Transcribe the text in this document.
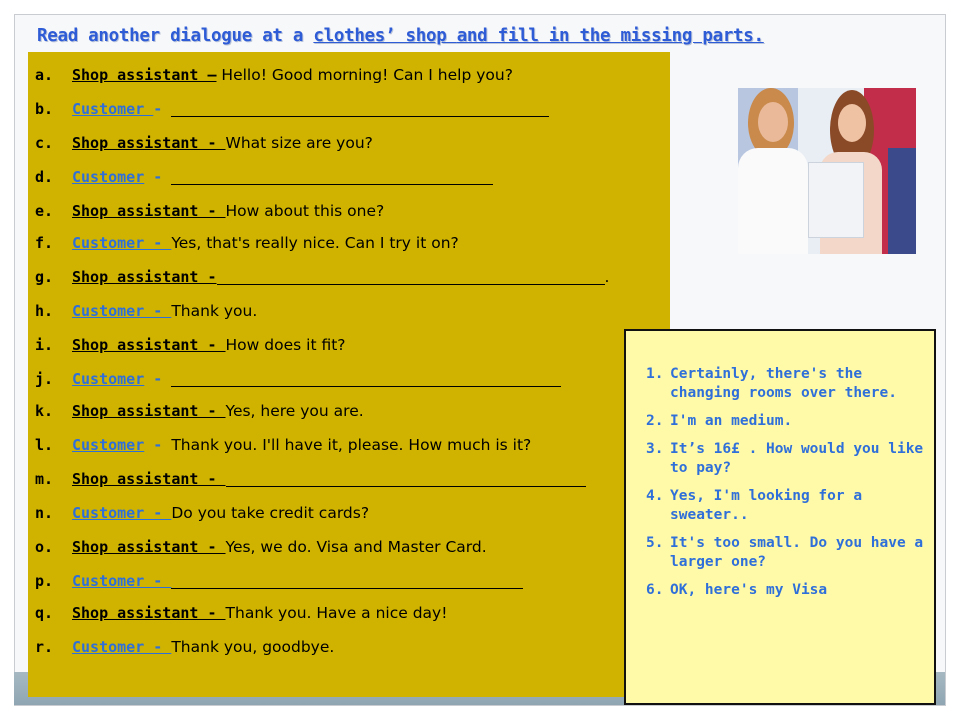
Read another dialogue at a clothes’ shop and fill in the missing parts.
a. Shop assistant – Hello! Good morning! Can I help you?
b. Customer -
c. Shop assistant - What size are you?
d. Customer -
e. Shop assistant - How about this one?
f. Customer - Yes, that's really nice. Can I try it on?
g. Shop assistant -	.
h. Customer - Thank you.
i. Shop assistant - How does it fit?
j. Customer -
k. Shop assistant - Yes, here you are.
l. Customer - Thank you. I'll have it, please. How much is it?
m. Shop assistant -
n. Customer - Do you take credit cards?
o. Shop assistant - Yes, we do. Visa and Master Card.
p. Customer -
q. Shop assistant - Thank you. Have a nice day!
r. Customer - Thank you, goodbye.
1. Certainly, there's the changing rooms over there.
2. I'm an medium.
3. It’s 16£ . How would you like to pay?
4. Yes, I'm looking for a sweater..
5. It's too small. Do you have a larger one?
6. OK, here's my Visa
